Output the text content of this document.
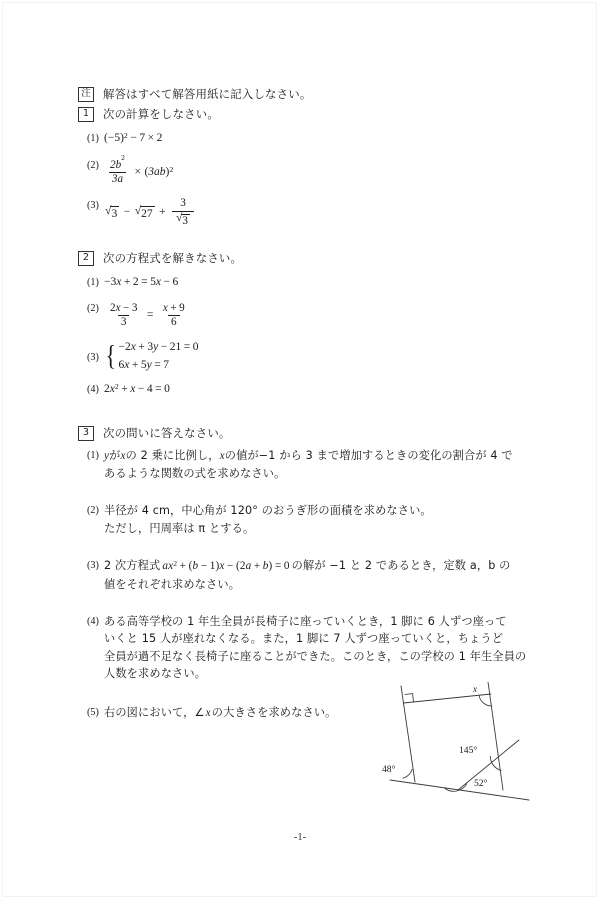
注 解答はすべて解答用紙に記入しなさい。
1	次の計算をしなさい。
(1) ( −5) 2 − 7 × 2
$(2) \frac{2b^2}{3a}$ × ( 3ab ) 2
(3) √ 3 − √ $27 + \frac{3}{√ 3}$
2	次の方程式を解きなさい。
(1) −3 x + 2 = 5 x − 6
$(2) \frac{2x - 3}{3} = \frac{x + 9}{6}$
(3) { −2x + 3y − 21 = 0
6x + 5y = 7
(4) 2 x 2 + x − 4 = 0
3	次の問いに答えなさい。
(1) yがxの 2 乗に比例し，xの値が−1 から 3 まで増加するときの変化の割合が 4 で
あるような関数の式を求めなさい。
(2) 半径が 4 cm，中心角が 120° のおうぎ形の面積を求めなさい。
ただし，円周率は π とする。
(3) 2 次方程式 ax 2 + ( b − 1) x − (2 a + b ) = 0 の解が −1 と 2 であるとき，定数 a，b の
値をそれぞれ求めなさい。
(4) ある高等学校の 1 年生全員が長椅子に座っていくとき，1 脚に 6 人ずつ座って
いくと 15 人が座れなくなる。また，1 脚に 7 人ずつ座っていくと，ちょうど
全員が過不足なく長椅子に座ることができた。このとき，この学校の 1 年生全員の
人数を求めなさい。
(5) 右の図において，∠xの大きさを求めなさい。
x
145°
48°
52°
-1-
